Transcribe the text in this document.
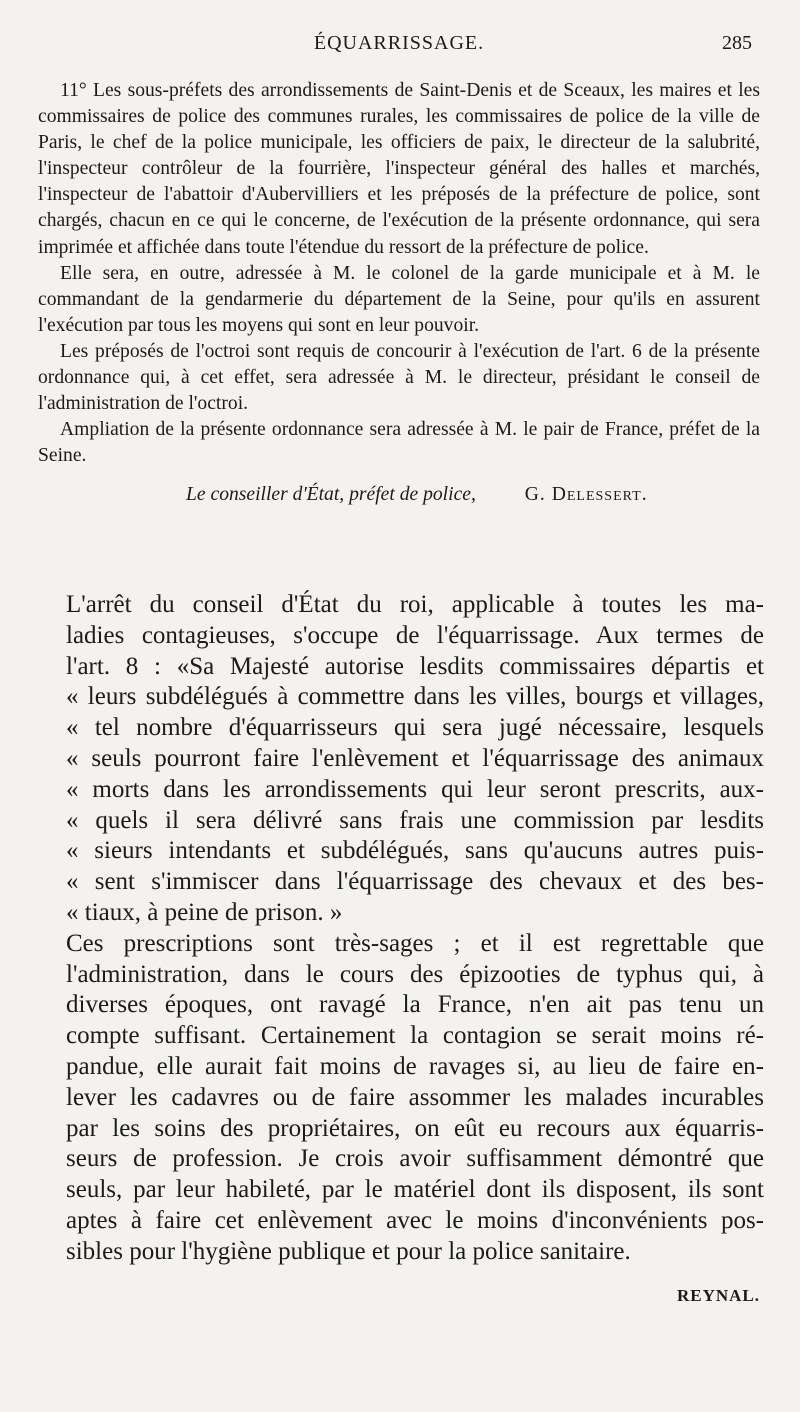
ÉQUARRISSAGE.	285

11° Les sous-préfets des arrondissements de Saint-Denis et de Sceaux, les maires et les commissaires de police des communes rurales, les commissaires de police de la ville de Paris, le chef de la police municipale, les officiers de paix, le directeur de la salubrité, l'inspecteur contrôleur de la fourrière, l'inspecteur général des halles et marchés, l'inspecteur de l'abattoir d'Aubervilliers et les préposés de la préfecture de police, sont chargés, chacun en ce qui le concerne, de l'exécution de la présente ordonnance, qui sera imprimée et affichée dans toute l'étendue du ressort de la préfecture de police.

Elle sera, en outre, adressée à M. le colonel de la garde municipale et à M. le commandant de la gendarmerie du département de la Seine, pour qu'ils en assurent l'exécution par tous les moyens qui sont en leur pouvoir.

Les préposés de l'octroi sont requis de concourir à l'exécution de l'art. 6 de la présente ordonnance qui, à cet effet, sera adressée à M. le directeur, présidant le conseil de l'administration de l'octroi.

Ampliation de la présente ordonnance sera adressée à M. le pair de France, préfet de la Seine.

Le conseiller d'État, préfet de police, G. Delessert.

L'arrêt du conseil d'État du roi, applicable à toutes les ma-
ladies contagieuses, s'occupe de l'équarrissage. Aux termes de
l'art. 8 : «Sa Majesté autorise lesdits commissaires départis et
« leurs subdélégués à commettre dans les villes, bourgs et villages,
« tel nombre d'équarrisseurs qui sera jugé nécessaire, lesquels
« seuls pourront faire l'enlèvement et l'équarrissage des animaux
« morts dans les arrondissements qui leur seront prescrits, aux-
« quels il sera délivré sans frais une commission par lesdits
« sieurs intendants et subdélégués, sans qu'aucuns autres puis-
« sent s'immiscer dans l'équarrissage des chevaux et des bes-
« tiaux, à peine de prison. »

Ces prescriptions sont très-sages ; et il est regrettable que
l'administration, dans le cours des épizooties de typhus qui, à
diverses époques, ont ravagé la France, n'en ait pas tenu un
compte suffisant. Certainement la contagion se serait moins ré-
pandue, elle aurait fait moins de ravages si, au lieu de faire en-
lever les cadavres ou de faire assommer les malades incurables
par les soins des propriétaires, on eût eu recours aux équarris-
seurs de profession. Je crois avoir suffisamment démontré que
seuls, par leur habileté, par le matériel dont ils disposent, ils sont
aptes à faire cet enlèvement avec le moins d'inconvénients pos-
sibles pour l'hygiène publique et pour la police sanitaire.

REYNAL.
